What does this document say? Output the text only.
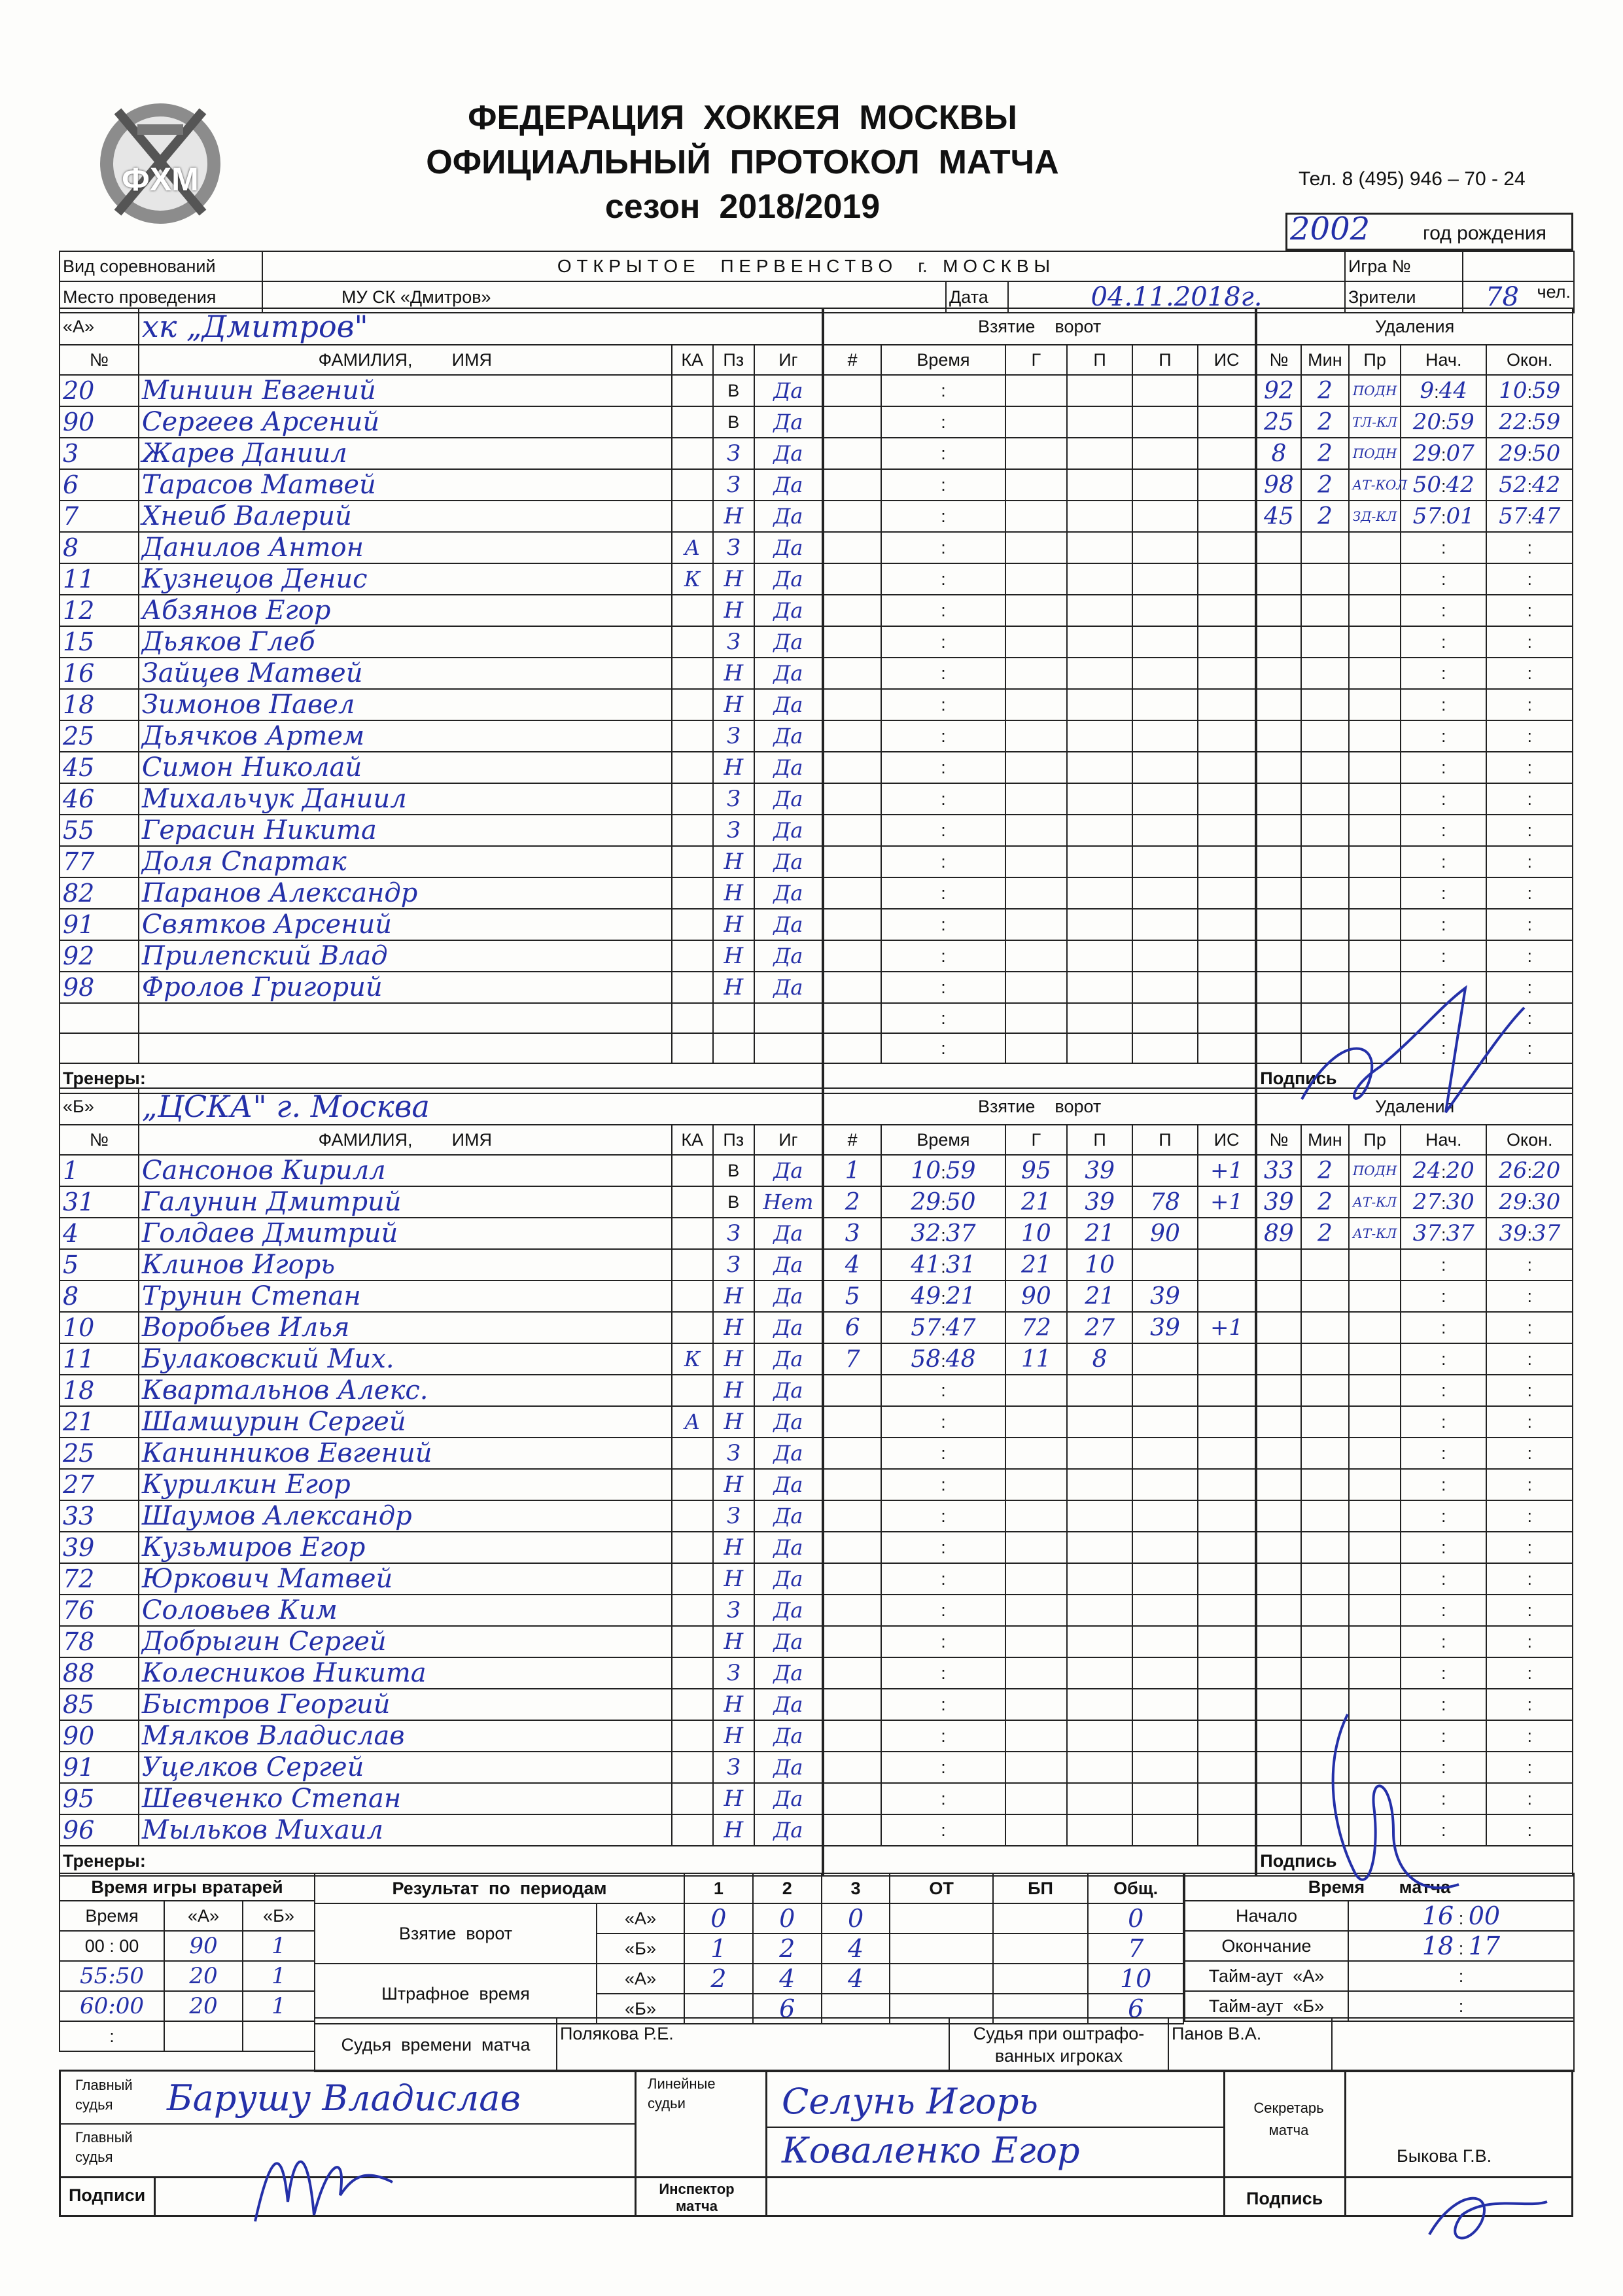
ФХМ
ФЕДЕРАЦИЯ  ХОККЕЯ  МОСКВЫ
ОФИЦИАЛЬНЫЙ  ПРОТОКОЛ  МАТЧА
сезон  2018/2019
Тел. 8 (495) 946 – 70 - 24
2002	год рождения
Вид соревнований	О Т К Р Ы Т О Е     П Е Р В Е Н С Т В О     г.   М О С К В Ы			Игра №	
Место проведения	МУ СК «Дмитров»	Дата	04.11.2018г.	Зрители	78 чел.
«А»	хк „Дмитров"				Взятие    ворот						Удаления				
№	ФАМИЛИЯ,        ИМЯ	КА	Пз	Иг	#	Время	Г	П	П	ИС	№	Мин	Пр	Нач.	Окон.
20	Миниин Евгений		В	Да		:					92	2	ПОДН	9:44	10:59
90	Сергеев Арсений		В	Да		:					25	2	ТЛ-КЛ	20:59	22:59
3	Жарев Даниил		З	Да		:					8	2	ПОДН	29:07	29:50
6	Тарасов Матвей		З	Да		:					98	2	АТ-КОЛ	50:42	52:42
7	Хнеиб Валерий		Н	Да		:					45	2	ЗД-КЛ	57:01	57:47
8	Данилов Антон	А	З	Да		:								:	:
11	Кузнецов Денис	К	Н	Да		:								:	:
12	Абзянов Егор		Н	Да		:								:	:
15	Дьяков Глеб		З	Да		:								:	:
16	Зайцев Матвей		Н	Да		:								:	:
18	Зимонов Павел		Н	Да		:								:	:
25	Дьячков Артем		З	Да		:								:	:
45	Симон Николай		Н	Да		:								:	:
46	Михальчук Даниил		З	Да		:								:	:
55	Герасин Никита		З	Да		:								:	:
77	Доля Спартак		Н	Да		:								:	:
82	Паранов Александр		Н	Да		:								:	:
91	Святков Арсений		Н	Да		:								:	:
92	Прилепский Влад		Н	Да		:								:	:
98	Фролов Григорий		Н	Да		:								:	:
						:								:	:
						:								:	:
Тренеры:											Подпись				
«Б»	„ЦСКА" г. Москва				Взятие    ворот						Удаления				
№	ФАМИЛИЯ,        ИМЯ	КА	Пз	Иг	#	Время	Г	П	П	ИС	№	Мин	Пр	Нач.	Окон.
1	Сансонов Кирилл		В	Да	1	10:59	95	39		+1	33	2	ПОДН	24:20	26:20
31	Галунин Дмитрий		В	Нет	2	29:50	21	39	78	+1	39	2	АТ-КЛ	27:30	29:30
4	Голдаев Дмитрий		З	Да	3	32:37	10	21	90		89	2	АТ-КЛ	37:37	39:37
5	Клинов Игорь		З	Да	4	41:31	21	10						:	:
8	Трунин Степан		Н	Да	5	49:21	90	21	39					:	:
10	Воробьев Илья		Н	Да	6	57:47	72	27	39	+1				:	:
11	Булаковский Мих.	К	Н	Да	7	58:48	11	8						:	:
18	Квартальнов Алекс.		Н	Да		:								:	:
21	Шамшурин Сергей	А	Н	Да		:								:	:
25	Канинников Евгений		З	Да		:								:	:
27	Курилкин Егор		Н	Да		:								:	:
33	Шаумов Александр		З	Да		:								:	:
39	Кузьмиров Егор		Н	Да		:								:	:
72	Юркович Матвей		Н	Да		:								:	:
76	Соловьев Ким		З	Да		:								:	:
78	Добрыгин Сергей		Н	Да		:								:	:
88	Колесников Никита		З	Да		:								:	:
85	Быстров Георгий		Н	Да		:								:	:
90	Мялков Владислав		Н	Да		:								:	:
91	Уцелков Сергей		З	Да		:								:	:
95	Шевченко Степан		Н	Да		:								:	:
96	Мыльков Михаил		Н	Да		:								:	:
Тренеры:											Подпись				
Время игры вратарей		
Время	«А»	«Б»
00 : 00	90	1
55:50	20	1
60:00	20	1
:		
Результат  по  периодам		1	2	3	ОТ	БП	Общ.
Взятие  ворот	«А»	0	0	0			0
	«Б»	1	2	4			7
Штрафное  время	«А»	2	4	4			10
	«Б»		6				6
Время       матча	
Начало	16 : 00
Окончание	18 : 17
Тайм-аут  «А»	:
Тайм-аут  «Б»	:
Судья  времени  матча	Полякова Р.Е.	Судья при оштрафо-ванных игроках	Панов В.А.	
Главный судья	Барушу Владислав
Главный судья
Линейные судьи	Селунь Игорь
Коваленко Егор
Секретарь матча
Быкова Г.В.
Подписи	Инспектор матча	Подпись
